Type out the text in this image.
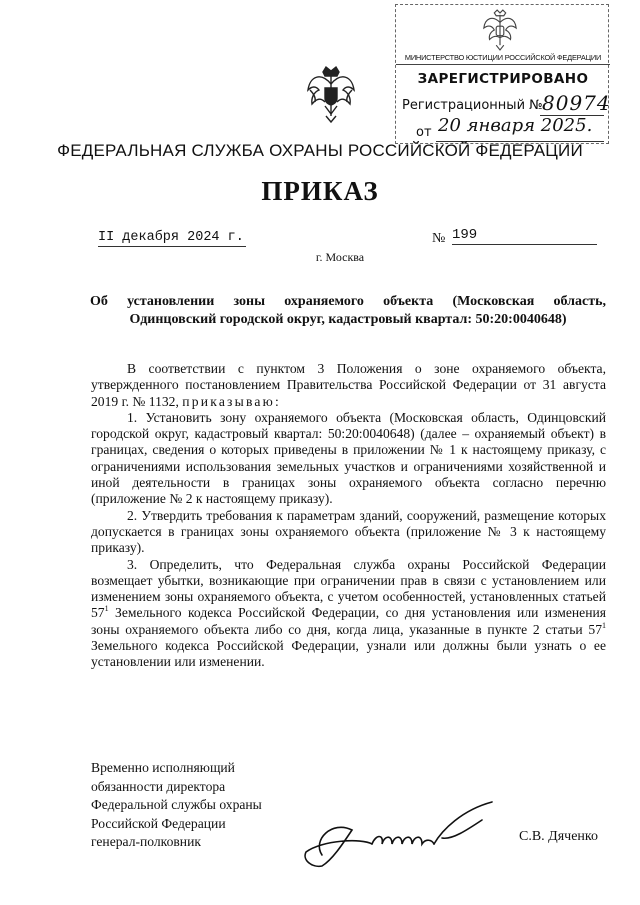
МИНИСТЕРСТВО ЮСТИЦИИ РОССИЙСКОЙ ФЕДЕРАЦИИ
ЗАРЕГИСТРИРОВАНО
Регистрационный № 80974
от 20 января 2025.
ФЕДЕРАЛЬНАЯ СЛУЖБА ОХРАНЫ РОССИЙСКОЙ ФЕДЕРАЦИИ
ПРИКАЗ
II декабря 2024 г.	№ 199
г. Москва
Об установлении зоны охраняемого объекта (Московская область,
Одинцовский городской округ, кадастровый квартал: 50:20:0040648)

В соответствии с пунктом 3 Положения о зоне охраняемого объекта, утвержденного постановлением Правительства Российской Федерации от 31 августа 2019 г. № 1132, приказываю:

1. Установить зону охраняемого объекта (Московская область, Одинцовский городской округ, кадастровый квартал: 50:20:0040648) (далее – охраняемый объект) в границах, сведения о которых приведены в приложении № 1 к настоящему приказу, с ограничениями использования земельных участков и ограничениями хозяйственной и иной деятельности в границах зоны охраняемого объекта согласно перечню (приложение № 2 к настоящему приказу).

2. Утвердить требования к параметрам зданий, сооружений, размещение которых допускается в границах зоны охраняемого объекта (приложение № 3 к настоящему приказу).

3. Определить, что Федеральная служба охраны Российской Федерации возмещает убытки, возникающие при ограничении прав в связи с установлением или изменением зоны охраняемого объекта, с учетом особенностей, установленных статьей $57^1$ Земельного кодекса Российской Федерации, со дня установления или изменения зоны охраняемого объекта либо со дня, когда лица, указанные в пункте 2 статьи $57^1$ Земельного кодекса Российской Федерации, узнали или должны были узнать о ее установлении или изменении.

Временно исполняющий
обязанности директора
Федеральной службы охраны
Российской Федерации
генерал-полковник	С.В. Дяченко
